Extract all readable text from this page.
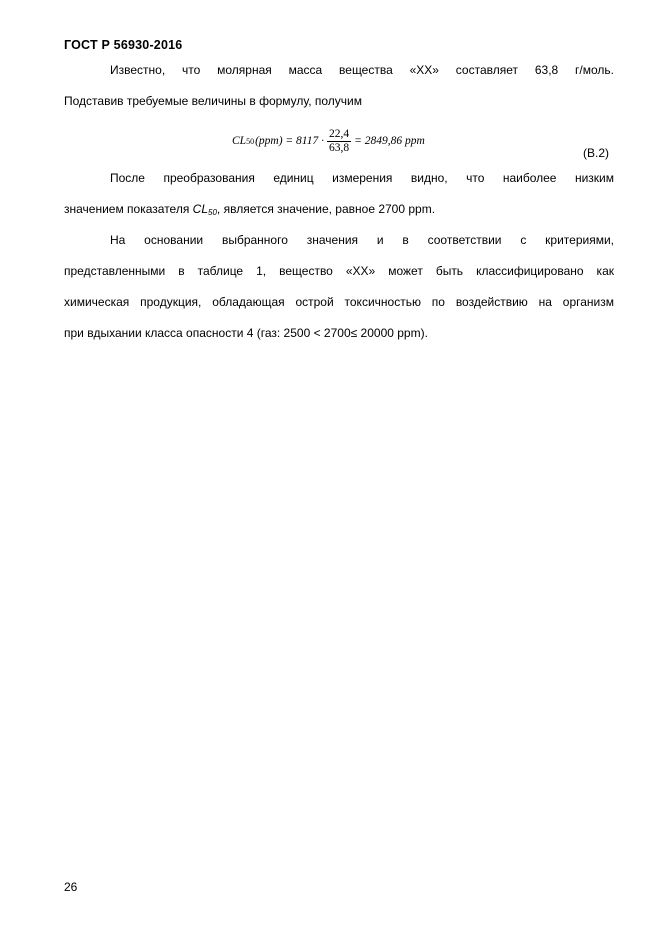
ГОСТ Р 56930-2016
Известно, что молярная масса вещества «XX» составляет 63,8 г/моль.
Подставив требуемые величины в формулу, получим
CL 50 $(ppm) = 8117 \cdot \frac{22,4}{63,8} = 2849,86$ ppm
(В.2)
После преобразования единиц измерения видно, что наиболее низким
значением показателя $CL_{50}$, является значение, равное 2700 ppm.
На основании выбранного значения и в соответствии с критериями,
представленными в таблице 1, вещество «XX» может быть классифицировано как
химическая продукция, обладающая острой токсичностью по воздействию на организм
при вдыхании класса опасности 4 (газ: 2500 < 2700≤ 20000 ppm).
26
